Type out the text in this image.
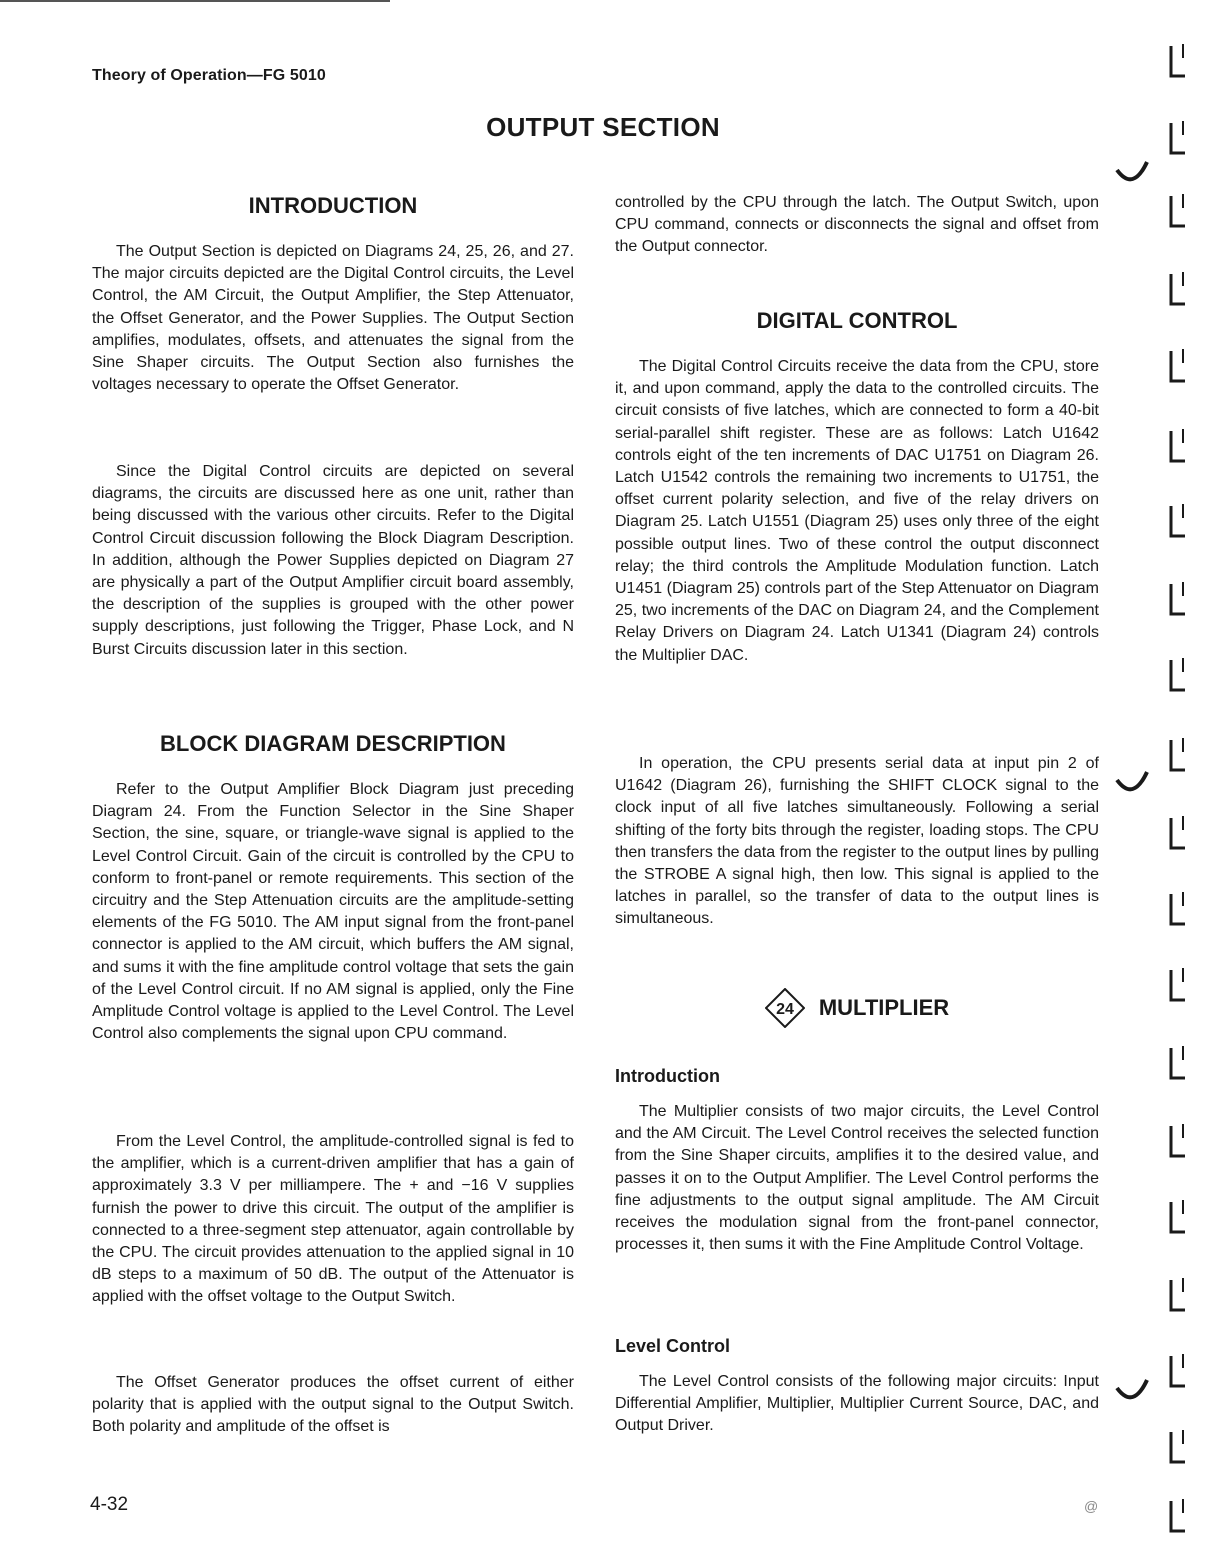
Theory of Operation—FG 5010
OUTPUT SECTION
INTRODUCTION

The Output Section is depicted on Diagrams 24, 25, 26, and 27. The major circuits depicted are the Digital Control circuits, the Level Control, the AM Circuit, the Output Amplifier, the Step Attenuator, the Offset Generator, and the Power Supplies. The Output Section amplifies, modulates, offsets, and attenuates the signal from the Sine Shaper circuits. The Output Section also furnishes the voltages necessary to operate the Offset Generator.

Since the Digital Control circuits are depicted on several diagrams, the circuits are discussed here as one unit, rather than being discussed with the various other circuits. Refer to the Digital Control Circuit discussion following the Block Diagram Description. In addition, although the Power Supplies depicted on Diagram 27 are physically a part of the Output Amplifier circuit board assembly, the description of the supplies is grouped with the other power supply descriptions, just following the Trigger, Phase Lock, and N Burst Circuits discussion later in this section.

BLOCK DIAGRAM DESCRIPTION

Refer to the Output Amplifier Block Diagram just preceding Diagram 24. From the Function Selector in the Sine Shaper Section, the sine, square, or triangle-wave signal is applied to the Level Control Circuit. Gain of the circuit is controlled by the CPU to conform to front-panel or remote requirements. This section of the circuitry and the Step Attenuation circuits are the amplitude-setting elements of the FG 5010. The AM input signal from the front-panel connector is applied to the AM circuit, which buffers the AM signal, and sums it with the fine amplitude control voltage that sets the gain of the Level Control circuit. If no AM signal is applied, only the Fine Amplitude Control voltage is applied to the Level Control. The Level Control also complements the signal upon CPU command.

From the Level Control, the amplitude-controlled signal is fed to the amplifier, which is a current-driven amplifier that has a gain of approximately 3.3 V per milliampere. The + and −16 V supplies furnish the power to drive this circuit. The output of the amplifier is connected to a three-segment step attenuator, again controllable by the CPU. The circuit provides attenuation to the applied signal in 10 dB steps to a maximum of 50 dB. The output of the Attenuator is applied with the offset voltage to the Output Switch.

The Offset Generator produces the offset current of either polarity that is applied with the output signal to the Output Switch. Both polarity and amplitude of the offset is

controlled by the CPU through the latch. The Output Switch, upon CPU command, connects or disconnects the signal and offset from the Output connector.

DIGITAL CONTROL

The Digital Control Circuits receive the data from the CPU, store it, and upon command, apply the data to the controlled circuits. The circuit consists of five latches, which are connected to form a 40-bit serial-parallel shift register. These are as follows: Latch U1642 controls eight of the ten increments of DAC U1751 on Diagram 26. Latch U1542 controls the remaining two increments to U1751, the offset current polarity selection, and five of the relay drivers on Diagram 25. Latch U1551 (Diagram 25) uses only three of the eight possible output lines. Two of these control the output disconnect relay; the third controls the Amplitude Modulation function. Latch U1451 (Diagram 25) controls part of the Step Attenuator on Diagram 25, two increments of the DAC on Diagram 24, and the Complement Relay Drivers on Diagram 24. Latch U1341 (Diagram 24) controls the Multiplier DAC.

In operation, the CPU presents serial data at input pin 2 of U1642 (Diagram 26), furnishing the SHIFT CLOCK signal to the clock input of all five latches simultaneously. Following a serial shifting of the forty bits through the register, loading stops. The CPU then transfers the data from the register to the output lines by pulling the STROBE A signal high, then low. This signal is applied to the latches in parallel, so the transfer of data to the output lines is simultaneous.

24 MULTIPLIER
Introduction

The Multiplier consists of two major circuits, the Level Control and the AM Circuit. The Level Control receives the selected function from the Sine Shaper circuits, amplifies it to the desired value, and passes it on to the Output Amplifier. The Level Control performs the fine adjustments to the output signal amplitude. The AM Circuit receives the modulation signal from the front-panel connector, processes it, then sums it with the Fine Amplitude Control Voltage.

Level Control

The Level Control consists of the following major circuits: Input Differential Amplifier, Multiplier, Multiplier Current Source, DAC, and Output Driver.

4-32	@
